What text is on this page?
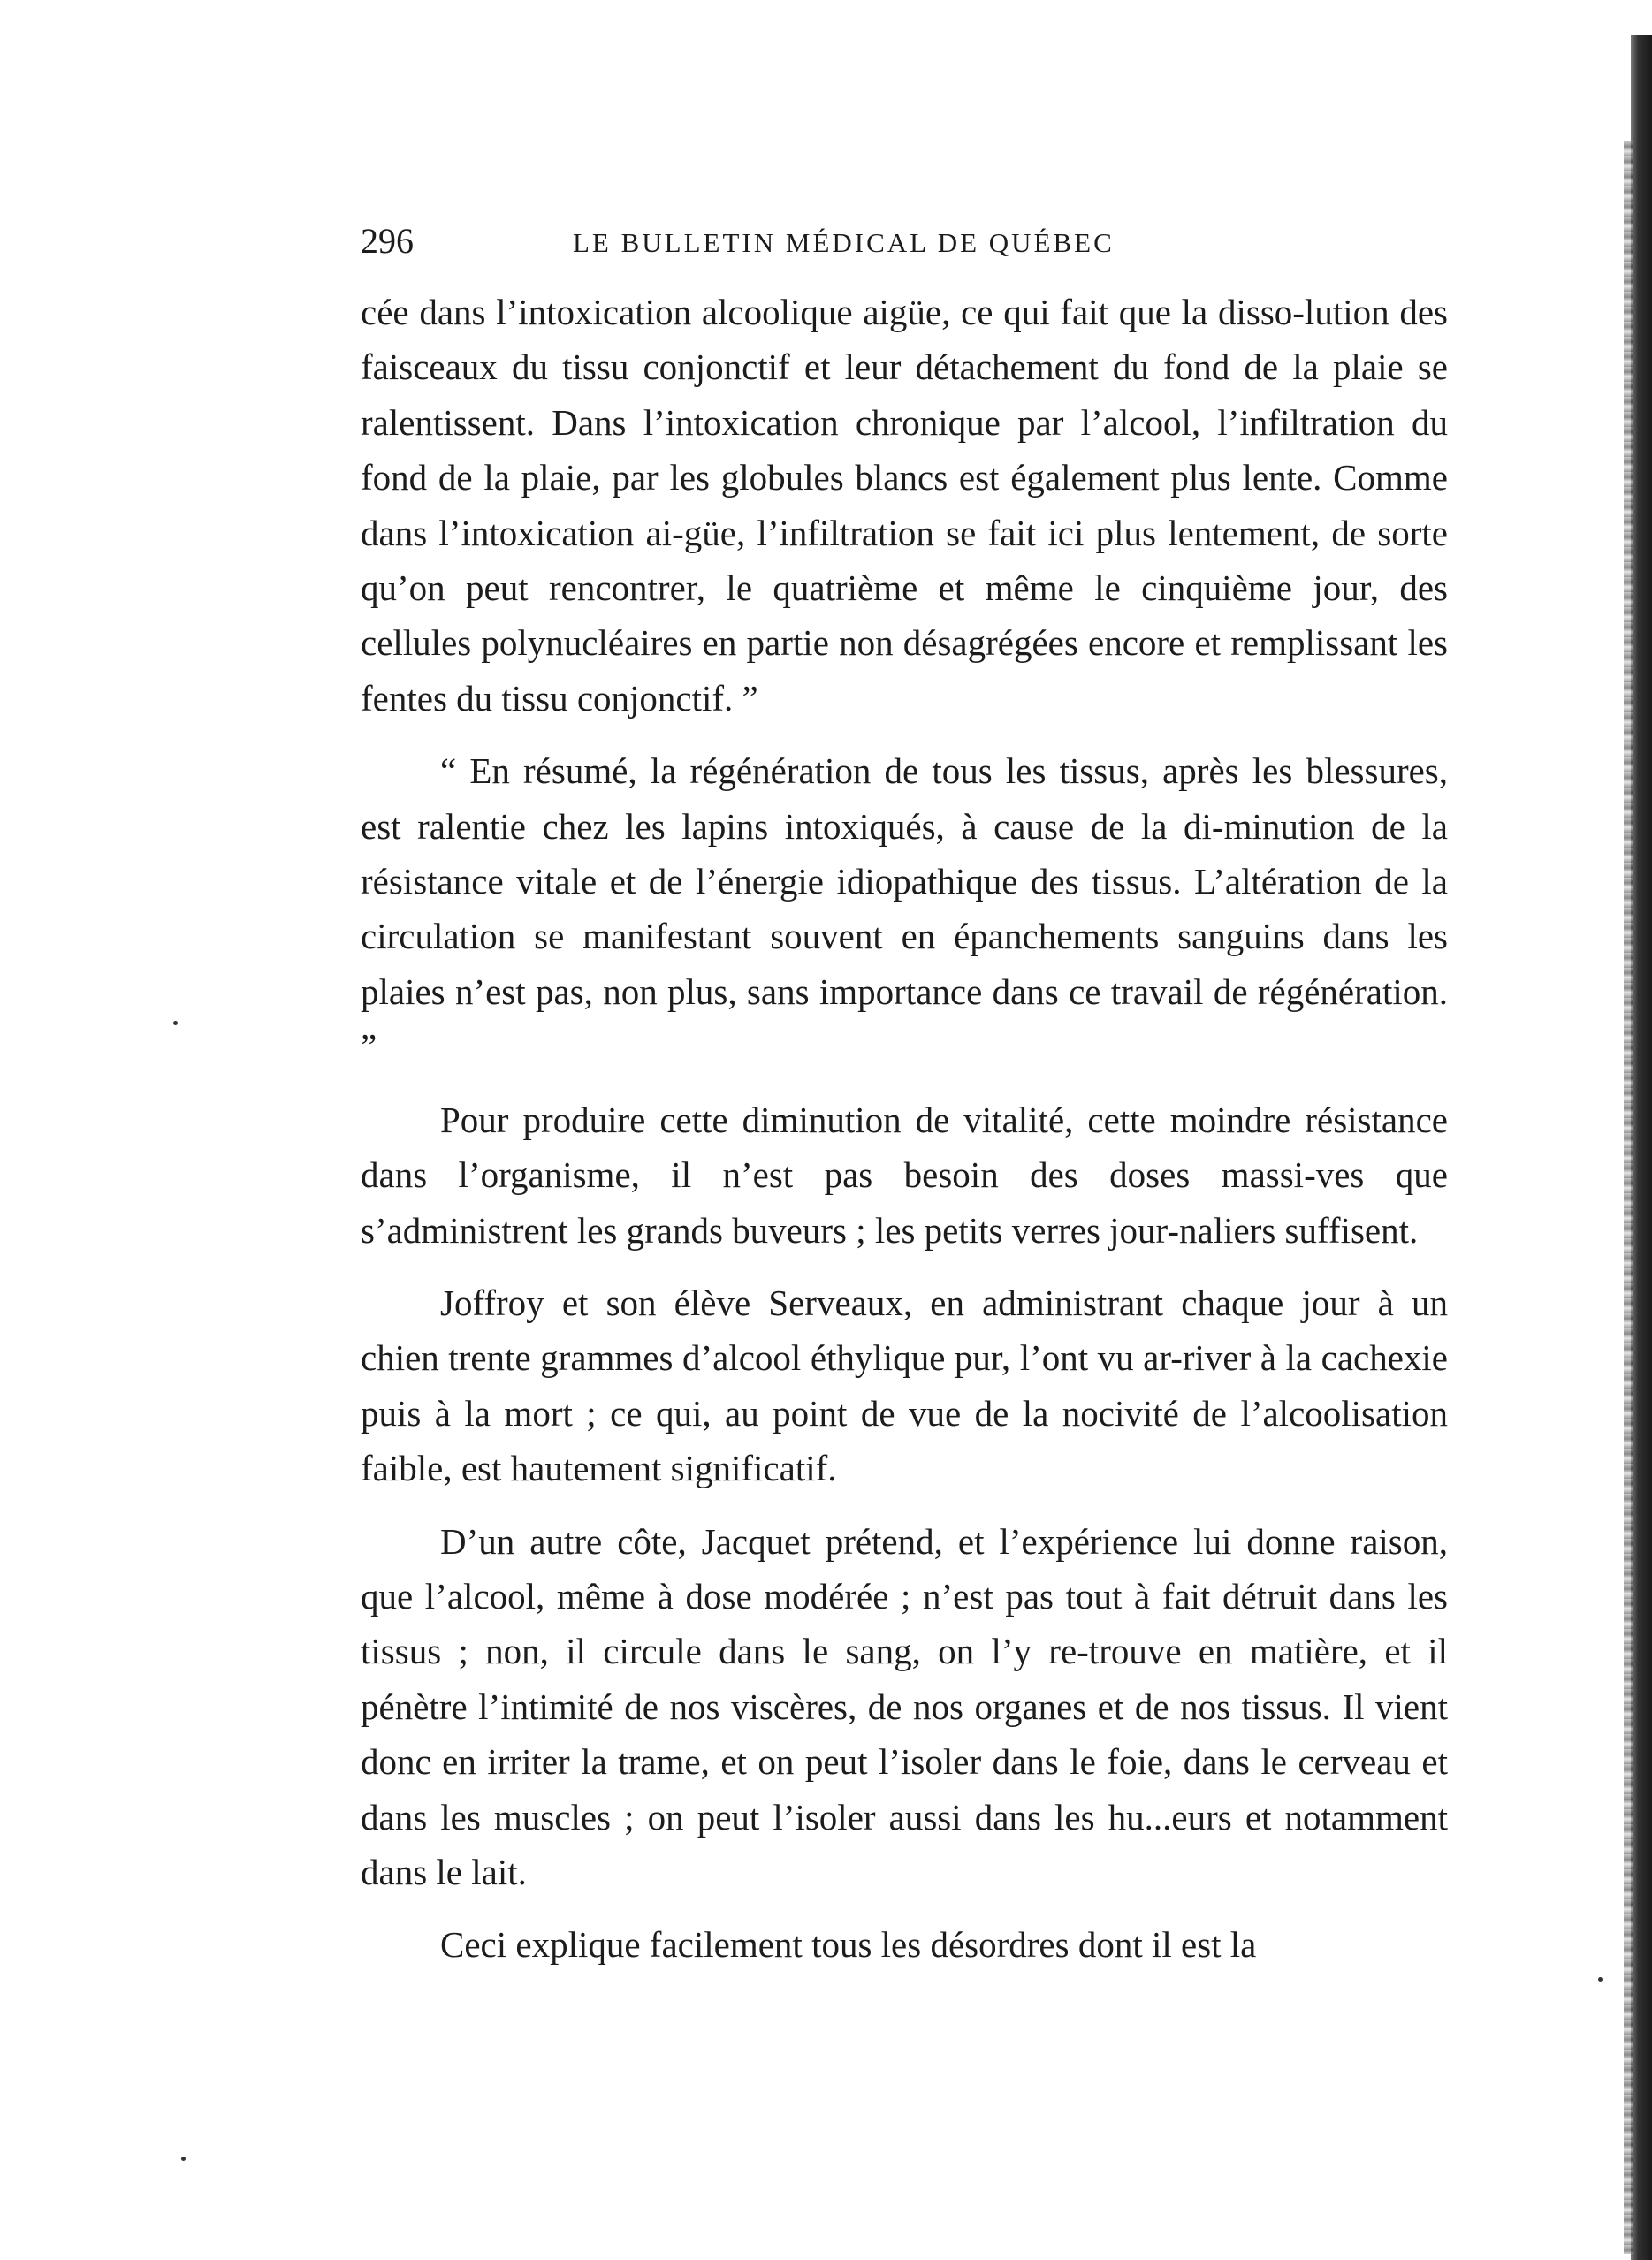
296	LE BULLETIN MÉDICAL DE QUÉBEC

cée dans l’intoxication alcoolique aigüe, ce qui fait que la disso-lution des faisceaux du tissu conjonctif et leur détachement du fond de la plaie se ralentissent. Dans l’intoxication chronique par l’alcool, l’infiltration du fond de la plaie, par les globules blancs est également plus lente. Comme dans l’intoxication ai-güe, l’infiltration se fait ici plus lentement, de sorte qu’on peut rencontrer, le quatrième et même le cinquième jour, des cellules polynucléaires en partie non désagrégées encore et remplissant les fentes du tissu conjonctif. ”

“ En résumé, la régénération de tous les tissus, après les blessures, est ralentie chez les lapins intoxiqués, à cause de la di-minution de la résistance vitale et de l’énergie idiopathique des tissus. L’altération de la circulation se manifestant souvent en épanchements sanguins dans les plaies n’est pas, non plus, sans importance dans ce travail de régénération. ”

Pour produire cette diminution de vitalité, cette moindre résistance dans l’organisme, il n’est pas besoin des doses massi-ves que s’administrent les grands buveurs ; les petits verres jour-naliers suffisent.

Joffroy et son élève Serveaux, en administrant chaque jour à un chien trente grammes d’alcool éthylique pur, l’ont vu ar-river à la cachexie puis à la mort ; ce qui, au point de vue de la nocivité de l’alcoolisation faible, est hautement significatif.

D’un autre côte, Jacquet prétend, et l’expérience lui donne raison, que l’alcool, même à dose modérée ; n’est pas tout à fait détruit dans les tissus ; non, il circule dans le sang, on l’y re-trouve en matière, et il pénètre l’intimité de nos viscères, de nos organes et de nos tissus. Il vient donc en irriter la trame, et on peut l’isoler dans le foie, dans le cerveau et dans les muscles ; on peut l’isoler aussi dans les hu...eurs et notamment dans le lait.

Ceci explique facilement tous les désordres dont il est la
